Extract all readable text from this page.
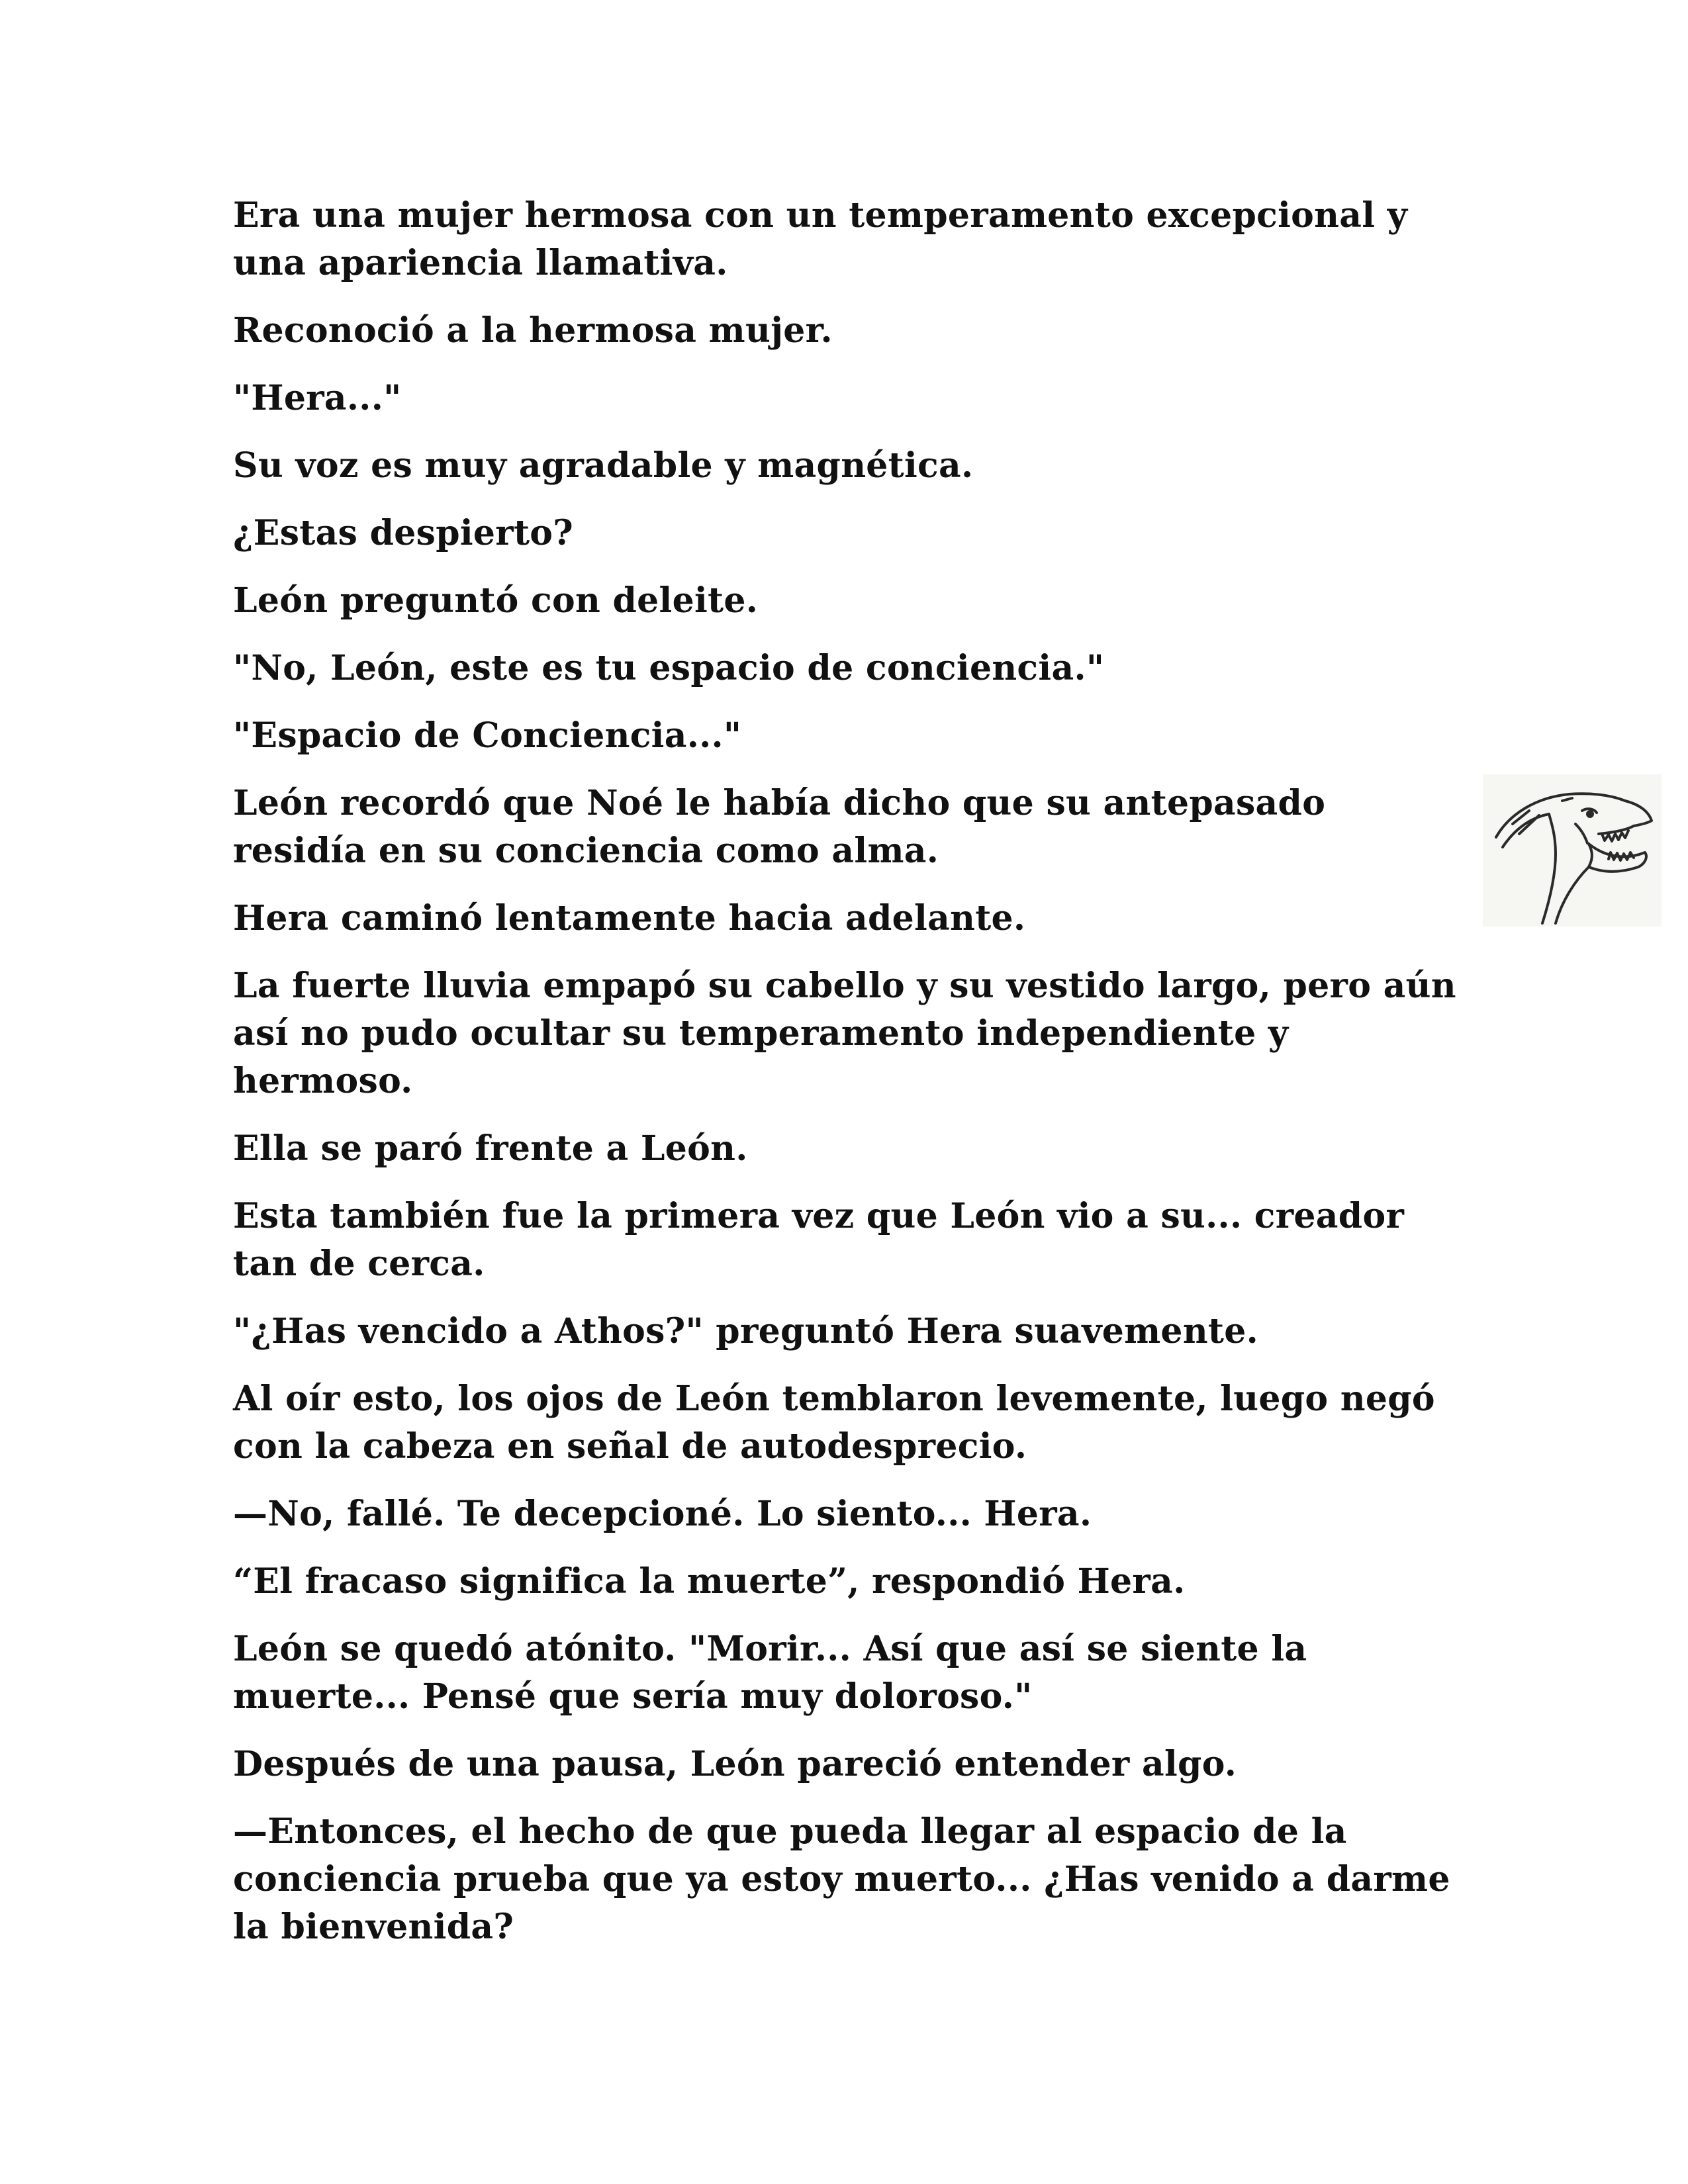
Era una mujer hermosa con un temperamento excepcional y una apariencia llamativa.

Reconoció a la hermosa mujer.

"Hera..."

Su voz es muy agradable y magnética.

¿Estas despierto?

León preguntó con deleite.

"No, León, este es tu espacio de conciencia."

"Espacio de Conciencia..."

León recordó que Noé le había dicho que su antepasado residía en su conciencia como alma.

Hera caminó lentamente hacia adelante.

La fuerte lluvia empapó su cabello y su vestido largo, pero aún así no pudo ocultar su temperamento independiente y hermoso.

Ella se paró frente a León.

Esta también fue la primera vez que León vio a su... creador tan de cerca.

"¿Has vencido a Athos?" preguntó Hera suavemente.

Al oír esto, los ojos de León temblaron levemente, luego negó con la cabeza en señal de autodesprecio.

—No, fallé. Te decepcioné. Lo siento... Hera.

“El fracaso significa la muerte”, respondió Hera.

León se quedó atónito. "Morir... Así que así se siente la muerte... Pensé que sería muy doloroso."

Después de una pausa, León pareció entender algo.

—Entonces, el hecho de que pueda llegar al espacio de la conciencia prueba que ya estoy muerto... ¿Has venido a darme la bienvenida?
